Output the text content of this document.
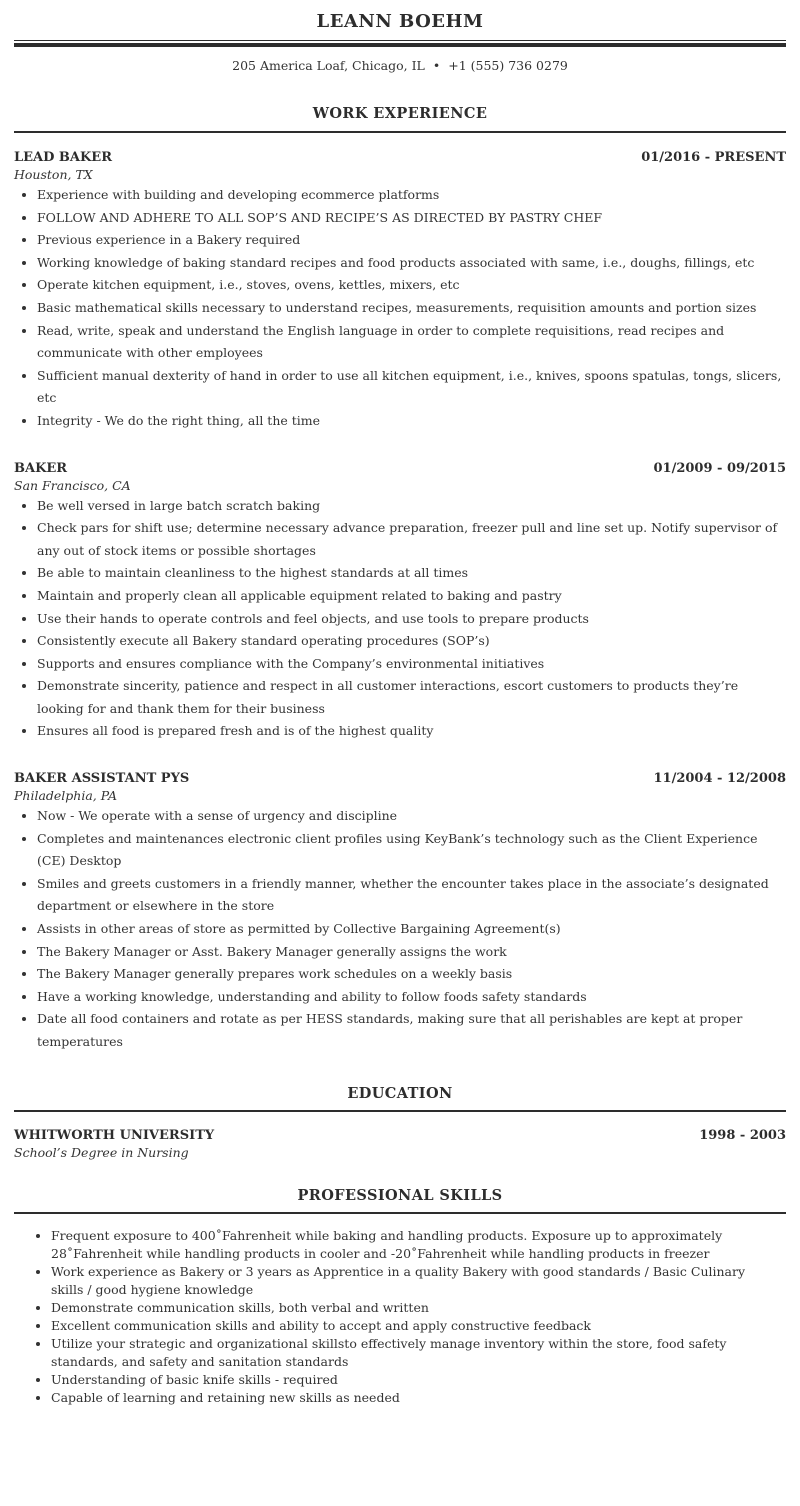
LEANN BOEHM
205 America Loaf, Chicago, IL • +1 (555) 736 0279
WORK EXPERIENCE
LEAD BAKER	01/2016 - PRESENT
Houston, TX
• Experience with building and developing ecommerce platforms
• FOLLOW AND ADHERE TO ALL SOP’S AND RECIPE’S AS DIRECTED BY PASTRY CHEF
• Previous experience in a Bakery required
• Working knowledge of baking standard recipes and food products associated with same, i.e., doughs, fillings, etc
• Operate kitchen equipment, i.e., stoves, ovens, kettles, mixers, etc
• Basic mathematical skills necessary to understand recipes, measurements, requisition amounts and portion sizes
• Read, write, speak and understand the English language in order to complete requisitions, read recipes and communicate with other employees
• Sufficient manual dexterity of hand in order to use all kitchen equipment, i.e., knives, spoons spatulas, tongs, slicers, etc
• Integrity - We do the right thing, all the time
BAKER	01/2009 - 09/2015
San Francisco, CA
• Be well versed in large batch scratch baking
• Check pars for shift use; determine necessary advance preparation, freezer pull and line set up. Notify supervisor of any out of stock items or possible shortages
• Be able to maintain cleanliness to the highest standards at all times
• Maintain and properly clean all applicable equipment related to baking and pastry
• Use their hands to operate controls and feel objects, and use tools to prepare products
• Consistently execute all Bakery standard operating procedures (SOP’s)
• Supports and ensures compliance with the Company’s environmental initiatives
• Demonstrate sincerity, patience and respect in all customer interactions, escort customers to products they’re looking for and thank them for their business
• Ensures all food is prepared fresh and is of the highest quality
BAKER ASSISTANT PYS	11/2004 - 12/2008
Philadelphia, PA
• Now - We operate with a sense of urgency and discipline
• Completes and maintenances electronic client profiles using KeyBank’s technology such as the Client Experience (CE) Desktop
• Smiles and greets customers in a friendly manner, whether the encounter takes place in the associate’s designated department or elsewhere in the store
• Assists in other areas of store as permitted by Collective Bargaining Agreement(s)
• The Bakery Manager or Asst. Bakery Manager generally assigns the work
• The Bakery Manager generally prepares work schedules on a weekly basis
• Have a working knowledge, understanding and ability to follow foods safety standards
• Date all food containers and rotate as per HESS standards, making sure that all perishables are kept at proper temperatures
EDUCATION
WHITWORTH UNIVERSITY	1998 - 2003
School’s Degree in Nursing
PROFESSIONAL SKILLS
• Frequent exposure to 400˚Fahrenheit while baking and handling products. Exposure up to approximately 28˚Fahrenheit while handling products in cooler and -20˚Fahrenheit while handling products in freezer
• Work experience as Bakery or 3 years as Apprentice in a quality Bakery with good standards / Basic Culinary skills / good hygiene knowledge
• Demonstrate communication skills, both verbal and written
• Excellent communication skills and ability to accept and apply constructive feedback
• Utilize your strategic and organizational skillsto effectively manage inventory within the store, food safety standards, and safety and sanitation standards
• Understanding of basic knife skills - required
• Capable of learning and retaining new skills as needed
